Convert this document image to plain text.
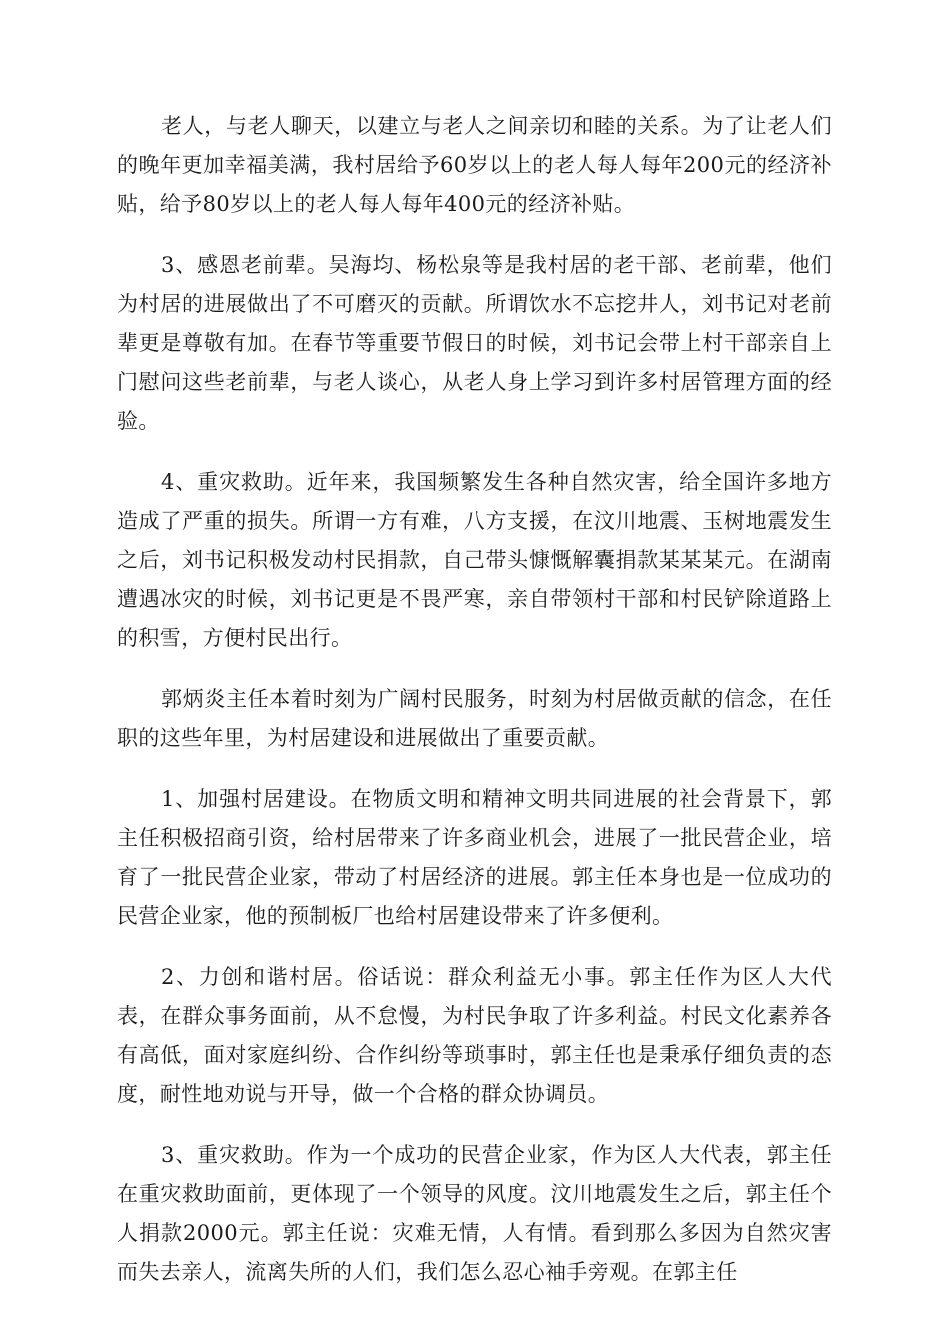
老人，与老人聊天，以建立与老人之间亲切和睦的关系。为了让老人们的晚年更加幸福美满，我村居给予60岁以上的老人每人每年200元的经济补贴，给予80岁以上的老人每人每年400元的经济补贴。

3、感恩老前辈。吴海均、杨松泉等是我村居的老干部、老前辈，他们为村居的进展做出了不可磨灭的贡献。所谓饮水不忘挖井人，刘书记对老前辈更是尊敬有加。在春节等重要节假日的时候，刘书记会带上村干部亲自上门慰问这些老前辈，与老人谈心，从老人身上学习到许多村居管理方面的经验。

4、重灾救助。近年来，我国频繁发生各种自然灾害，给全国许多地方造成了严重的损失。所谓一方有难，八方支援，在汶川地震、玉树地震发生之后，刘书记积极发动村民捐款，自己带头慷慨解囊捐款某某某元。在湖南遭遇冰灾的时候，刘书记更是不畏严寒，亲自带领村干部和村民铲除道路上的积雪，方便村民出行。

郭炳炎主任本着时刻为广阔村民服务，时刻为村居做贡献的信念，在任职的这些年里，为村居建设和进展做出了重要贡献。

1、加强村居建设。在物质文明和精神文明共同进展的社会背景下，郭主任积极招商引资，给村居带来了许多商业机会，进展了一批民营企业，培育了一批民营企业家，带动了村居经济的进展。郭主任本身也是一位成功的民营企业家，他的预制板厂也给村居建设带来了许多便利。

2、力创和谐村居。俗话说：群众利益无小事。郭主任作为区人大代表，在群众事务面前，从不怠慢，为村民争取了许多利益。村民文化素养各有高低，面对家庭纠纷、合作纠纷等琐事时，郭主任也是秉承仔细负责的态度，耐性地劝说与开导，做一个合格的群众协调员。

3、重灾救助。作为一个成功的民营企业家，作为区人大代表，郭主任在重灾救助面前，更体现了一个领导的风度。汶川地震发生之后，郭主任个人捐款2000元。郭主任说：灾难无情，人有情。看到那么多因为自然灾害而失去亲人，流离失所的人们，我们怎么忍心袖手旁观。在郭主任
